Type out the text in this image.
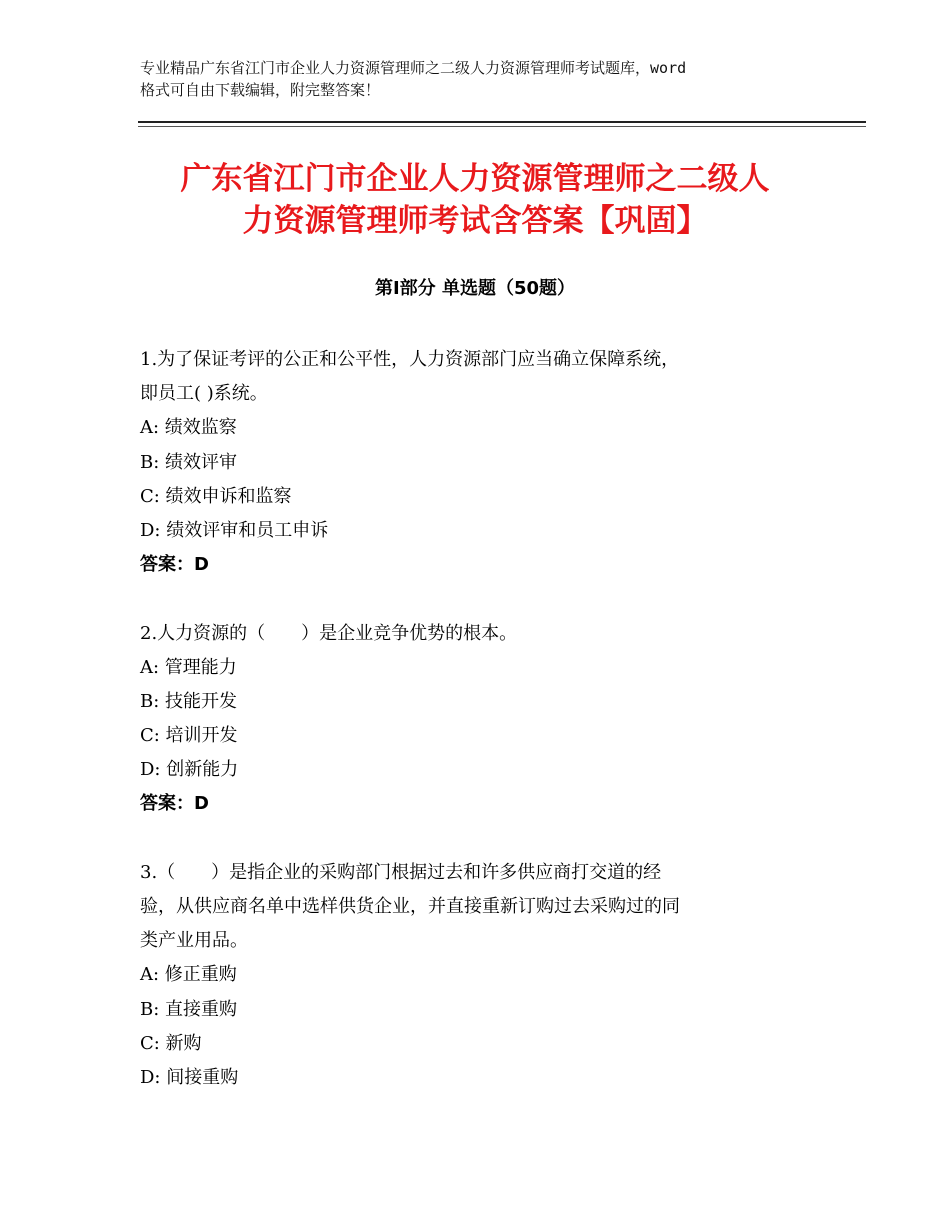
专业精品广东省江门市企业人力资源管理师之二级人力资源管理师考试题库，word
格式可自由下载编辑，附完整答案！
广东省江门市企业人力资源管理师之二级人
力资源管理师考试含答案【巩固】
第Ⅰ部分 单选题（50题）
1.为了保证考评的公正和公平性，人力资源部门应当确立保障系统，
即员工( )系统。
A: 绩效监察
B: 绩效评审
C: 绩效申诉和监察
D: 绩效评审和员工申诉
答案：D
2.人力资源的（　　）是企业竞争优势的根本。
A: 管理能力
B: 技能开发
C: 培训开发
D: 创新能力
答案：D
3.（　　）是指企业的采购部门根据过去和许多供应商打交道的经
验，从供应商名单中选样供货企业，并直接重新订购过去采购过的同
类产业用品。
A: 修正重购
B: 直接重购
C: 新购
D: 间接重购
